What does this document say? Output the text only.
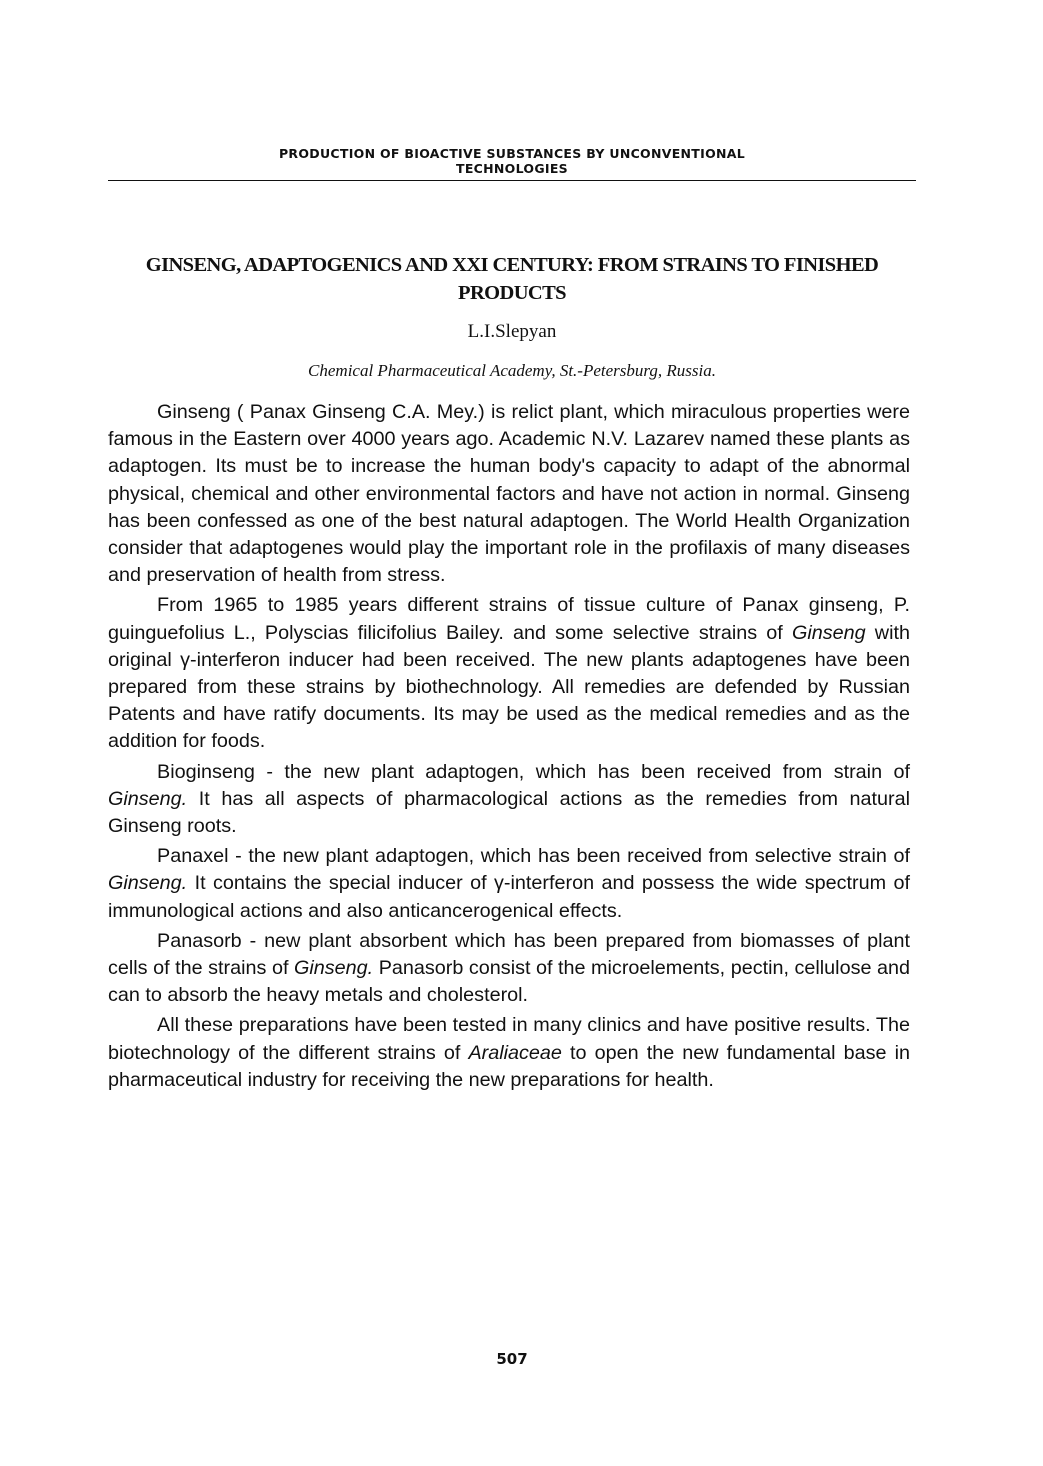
PRODUCTION OF BIOACTIVE SUBSTANCES BY UNCONVENTIONAL
TECHNOLOGIES
GINSENG, ADAPTOGENICS AND XXI CENTURY: FROM STRAINS TO FINISHED PRODUCTS
L.I.Slepyan
Chemical Pharmaceutical Academy, St.-Petersburg, Russia.

Ginseng ( Panax Ginseng C.A. Mey.) is relict plant, which miraculous properties were famous in the Eastern over 4000 years ago. Academic N.V. Lazarev named these plants as adaptogen. Its must be to increase the human body's capacity to adapt of the abnormal physical, chemical and other environmental factors and have not action in normal. Ginseng has been confessed as one of the best natural adaptogen. The World Health Organization consider that adaptogenes would play the important role in the profilaxis of many diseases and preservation of health from stress.

From 1965 to 1985 years different strains of tissue culture of Panax ginseng, P. guinguefolius L., Polyscias filicifolius Bailey. and some selective strains of Ginseng with original γ-interferon inducer had been received. The new plants adaptogenes have been prepared from these strains by biothechnology. All remedies are defended by Russian Patents and have ratify documents. Its may be used as the medical remedies and as the addition for foods.

Bioginseng - the new plant adaptogen, which has been received from strain of Ginseng. It has all aspects of pharmacological actions as the remedies from natural Ginseng roots.

Panaxel - the new plant adaptogen, which has been received from selective strain of Ginseng. It contains the special inducer of γ-interferon and possess the wide spectrum of immunological actions and also anticancerogenical effects.

Panasorb - new plant absorbent which has been prepared from biomasses of plant cells of the strains of Ginseng. Panasorb consist of the microelements, pectin, cellulose and can to absorb the heavy metals and cholesterol.

All these preparations have been tested in many clinics and have positive results. The biotechnology of the different strains of Araliaceae to open the new fundamental base in pharmaceutical industry for receiving the new preparations for health.

507
